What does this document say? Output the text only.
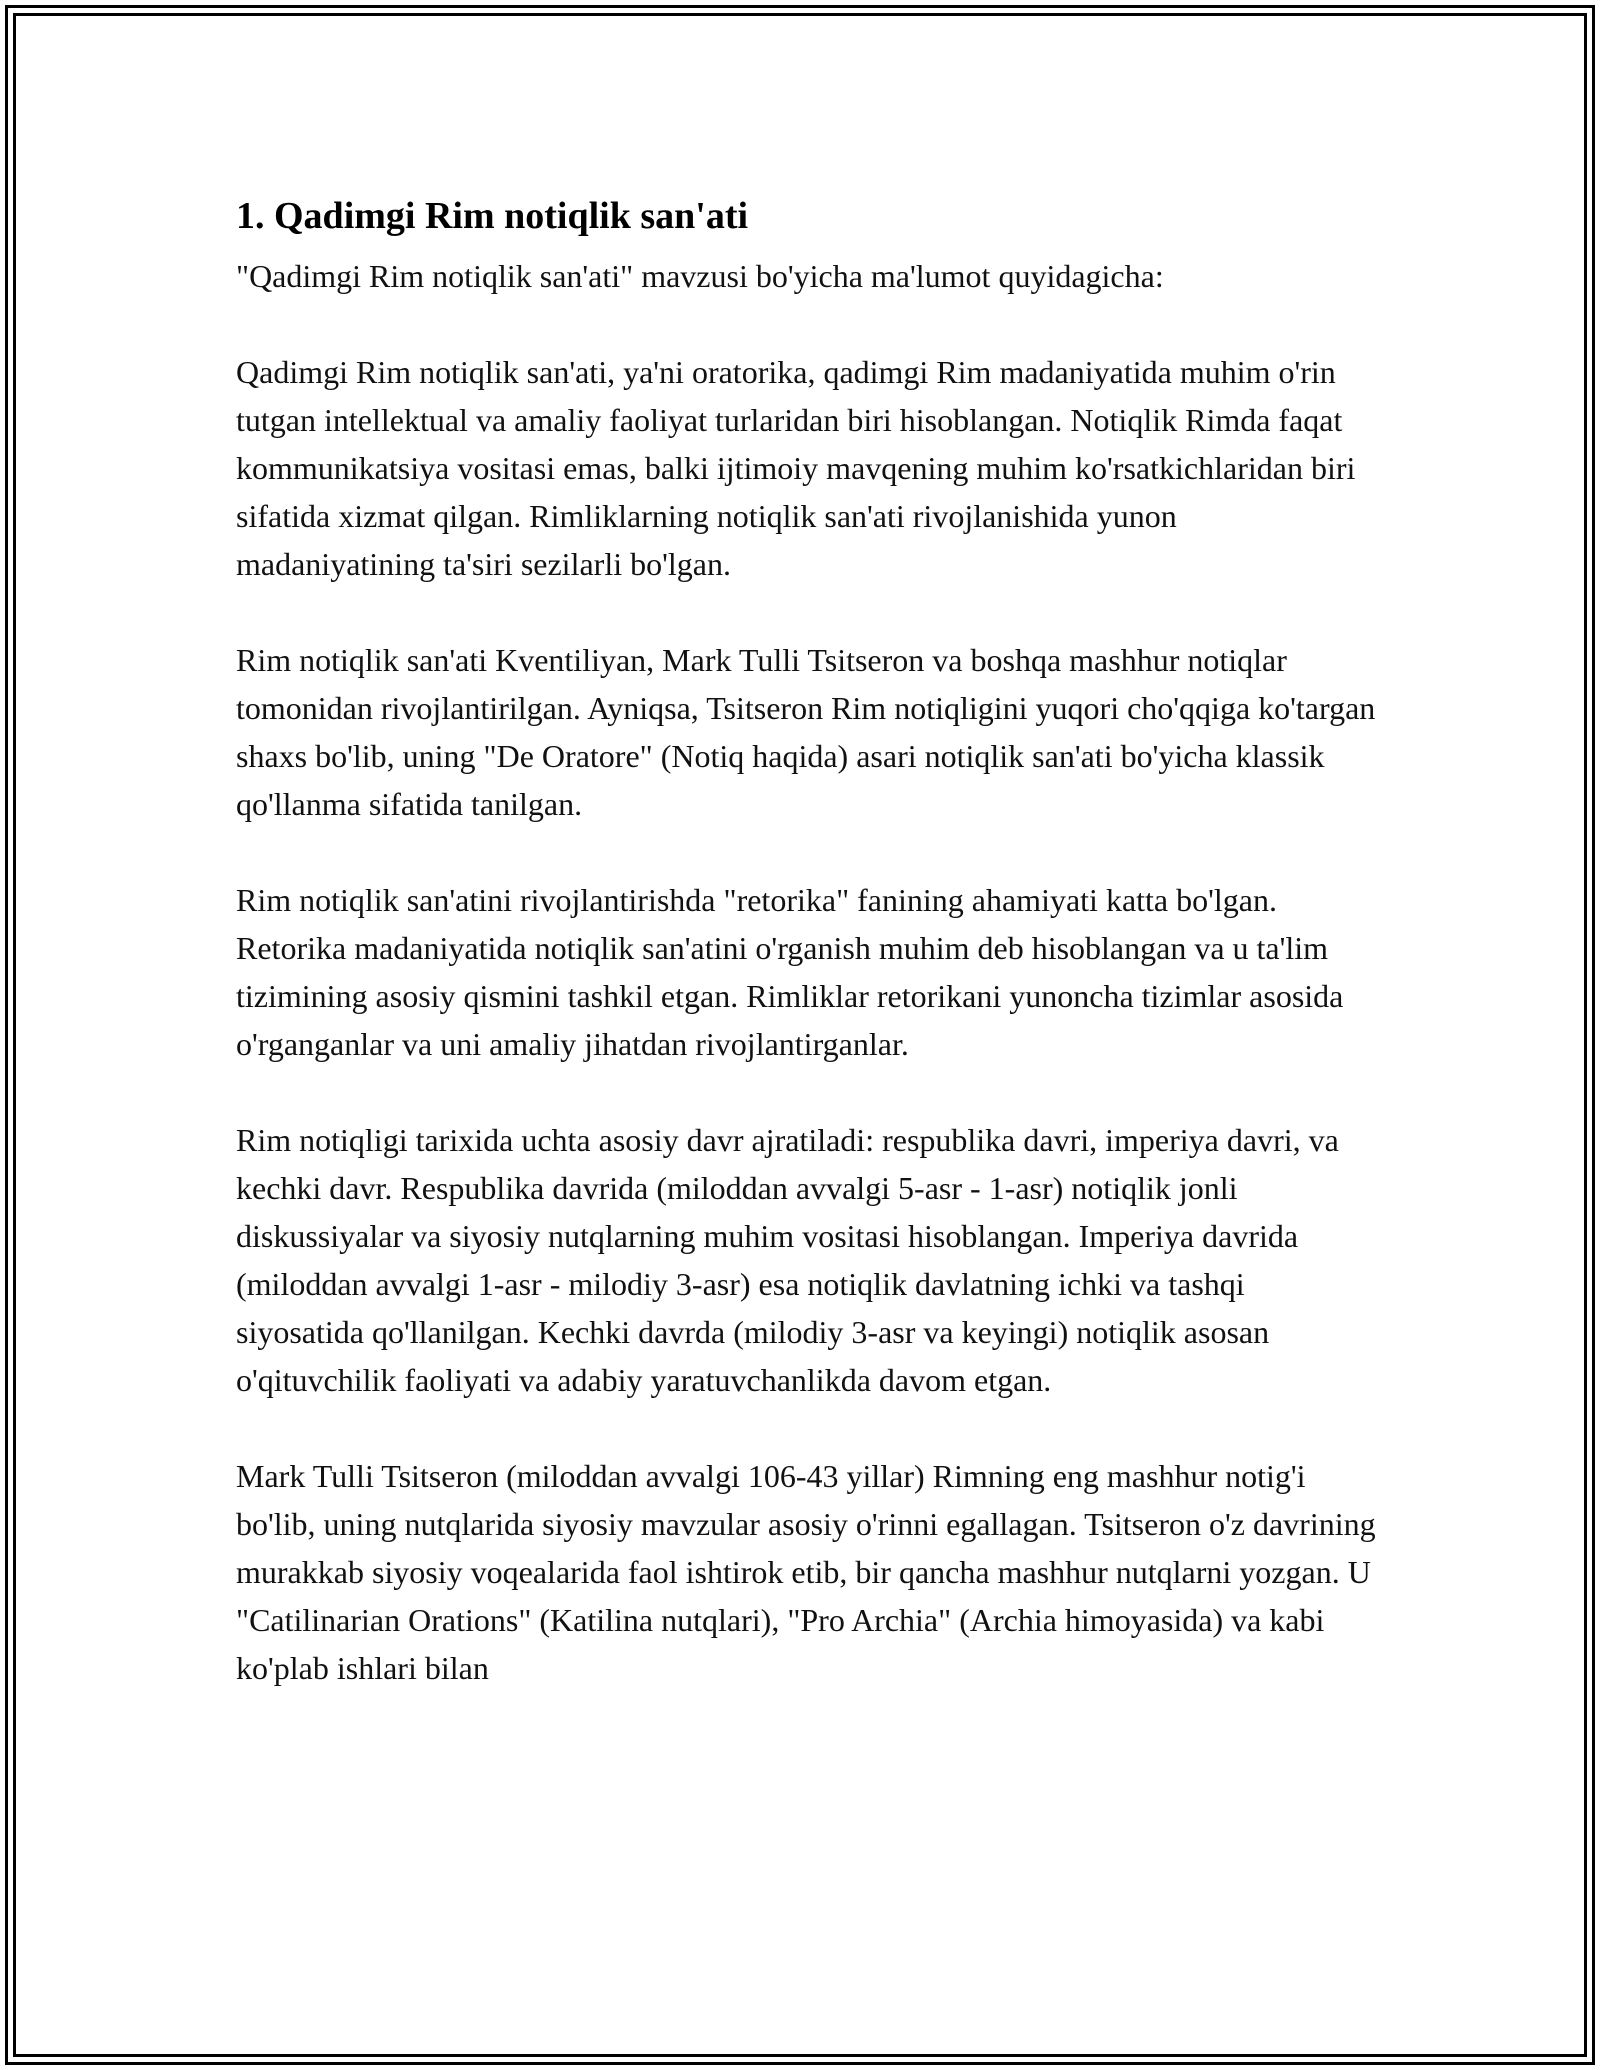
1. Qadimgi Rim notiqlik san'ati

"Qadimgi Rim notiqlik san'ati" mavzusi bo'yicha ma'lumot quyidagicha:

Qadimgi Rim notiqlik san'ati, ya'ni oratorika, qadimgi Rim madaniyatida muhim o'rin tutgan intellektual va amaliy faoliyat turlaridan biri hisoblangan. Notiqlik Rimda faqat kommunikatsiya vositasi emas, balki ijtimoiy mavqening muhim ko'rsatkichlaridan biri sifatida xizmat qilgan. Rimliklarning notiqlik san'ati rivojlanishida yunon madaniyatining ta'siri sezilarli bo'lgan.

Rim notiqlik san'ati Kventiliyan, Mark Tulli Tsitseron va boshqa mashhur notiqlar tomonidan rivojlantirilgan. Ayniqsa, Tsitseron Rim notiqligini yuqori cho'qqiga ko'targan shaxs bo'lib, uning "De Oratore" (Notiq haqida) asari notiqlik san'ati bo'yicha klassik qo'llanma sifatida tanilgan.

Rim notiqlik san'atini rivojlantirishda "retorika" fanining ahamiyati katta bo'lgan. Retorika madaniyatida notiqlik san'atini o'rganish muhim deb hisoblangan va u ta'lim tizimining asosiy qismini tashkil etgan. Rimliklar retorikani yunoncha tizimlar asosida o'rganganlar va uni amaliy jihatdan rivojlantirganlar.

Rim notiqligi tarixida uchta asosiy davr ajratiladi: respublika davri, imperiya davri, va kechki davr. Respublika davrida (miloddan avvalgi 5-asr - 1-asr) notiqlik jonli diskussiyalar va siyosiy nutqlarning muhim vositasi hisoblangan. Imperiya davrida (miloddan avvalgi 1-asr - milodiy 3-asr) esa notiqlik davlatning ichki va tashqi siyosatida qo'llanilgan. Kechki davrda (milodiy 3-asr va keyingi) notiqlik asosan o'qituvchilik faoliyati va adabiy yaratuvchanlikda davom etgan.

Mark Tulli Tsitseron (miloddan avvalgi 106-43 yillar) Rimning eng mashhur notig'i bo'lib, uning nutqlarida siyosiy mavzular asosiy o'rinni egallagan. Tsitseron o'z davrining murakkab siyosiy voqealarida faol ishtirok etib, bir qancha mashhur nutqlarni yozgan. U "Catilinarian Orations" (Katilina nutqlari), "Pro Archia" (Archia himoyasida) va kabi ko'plab ishlari bilan
